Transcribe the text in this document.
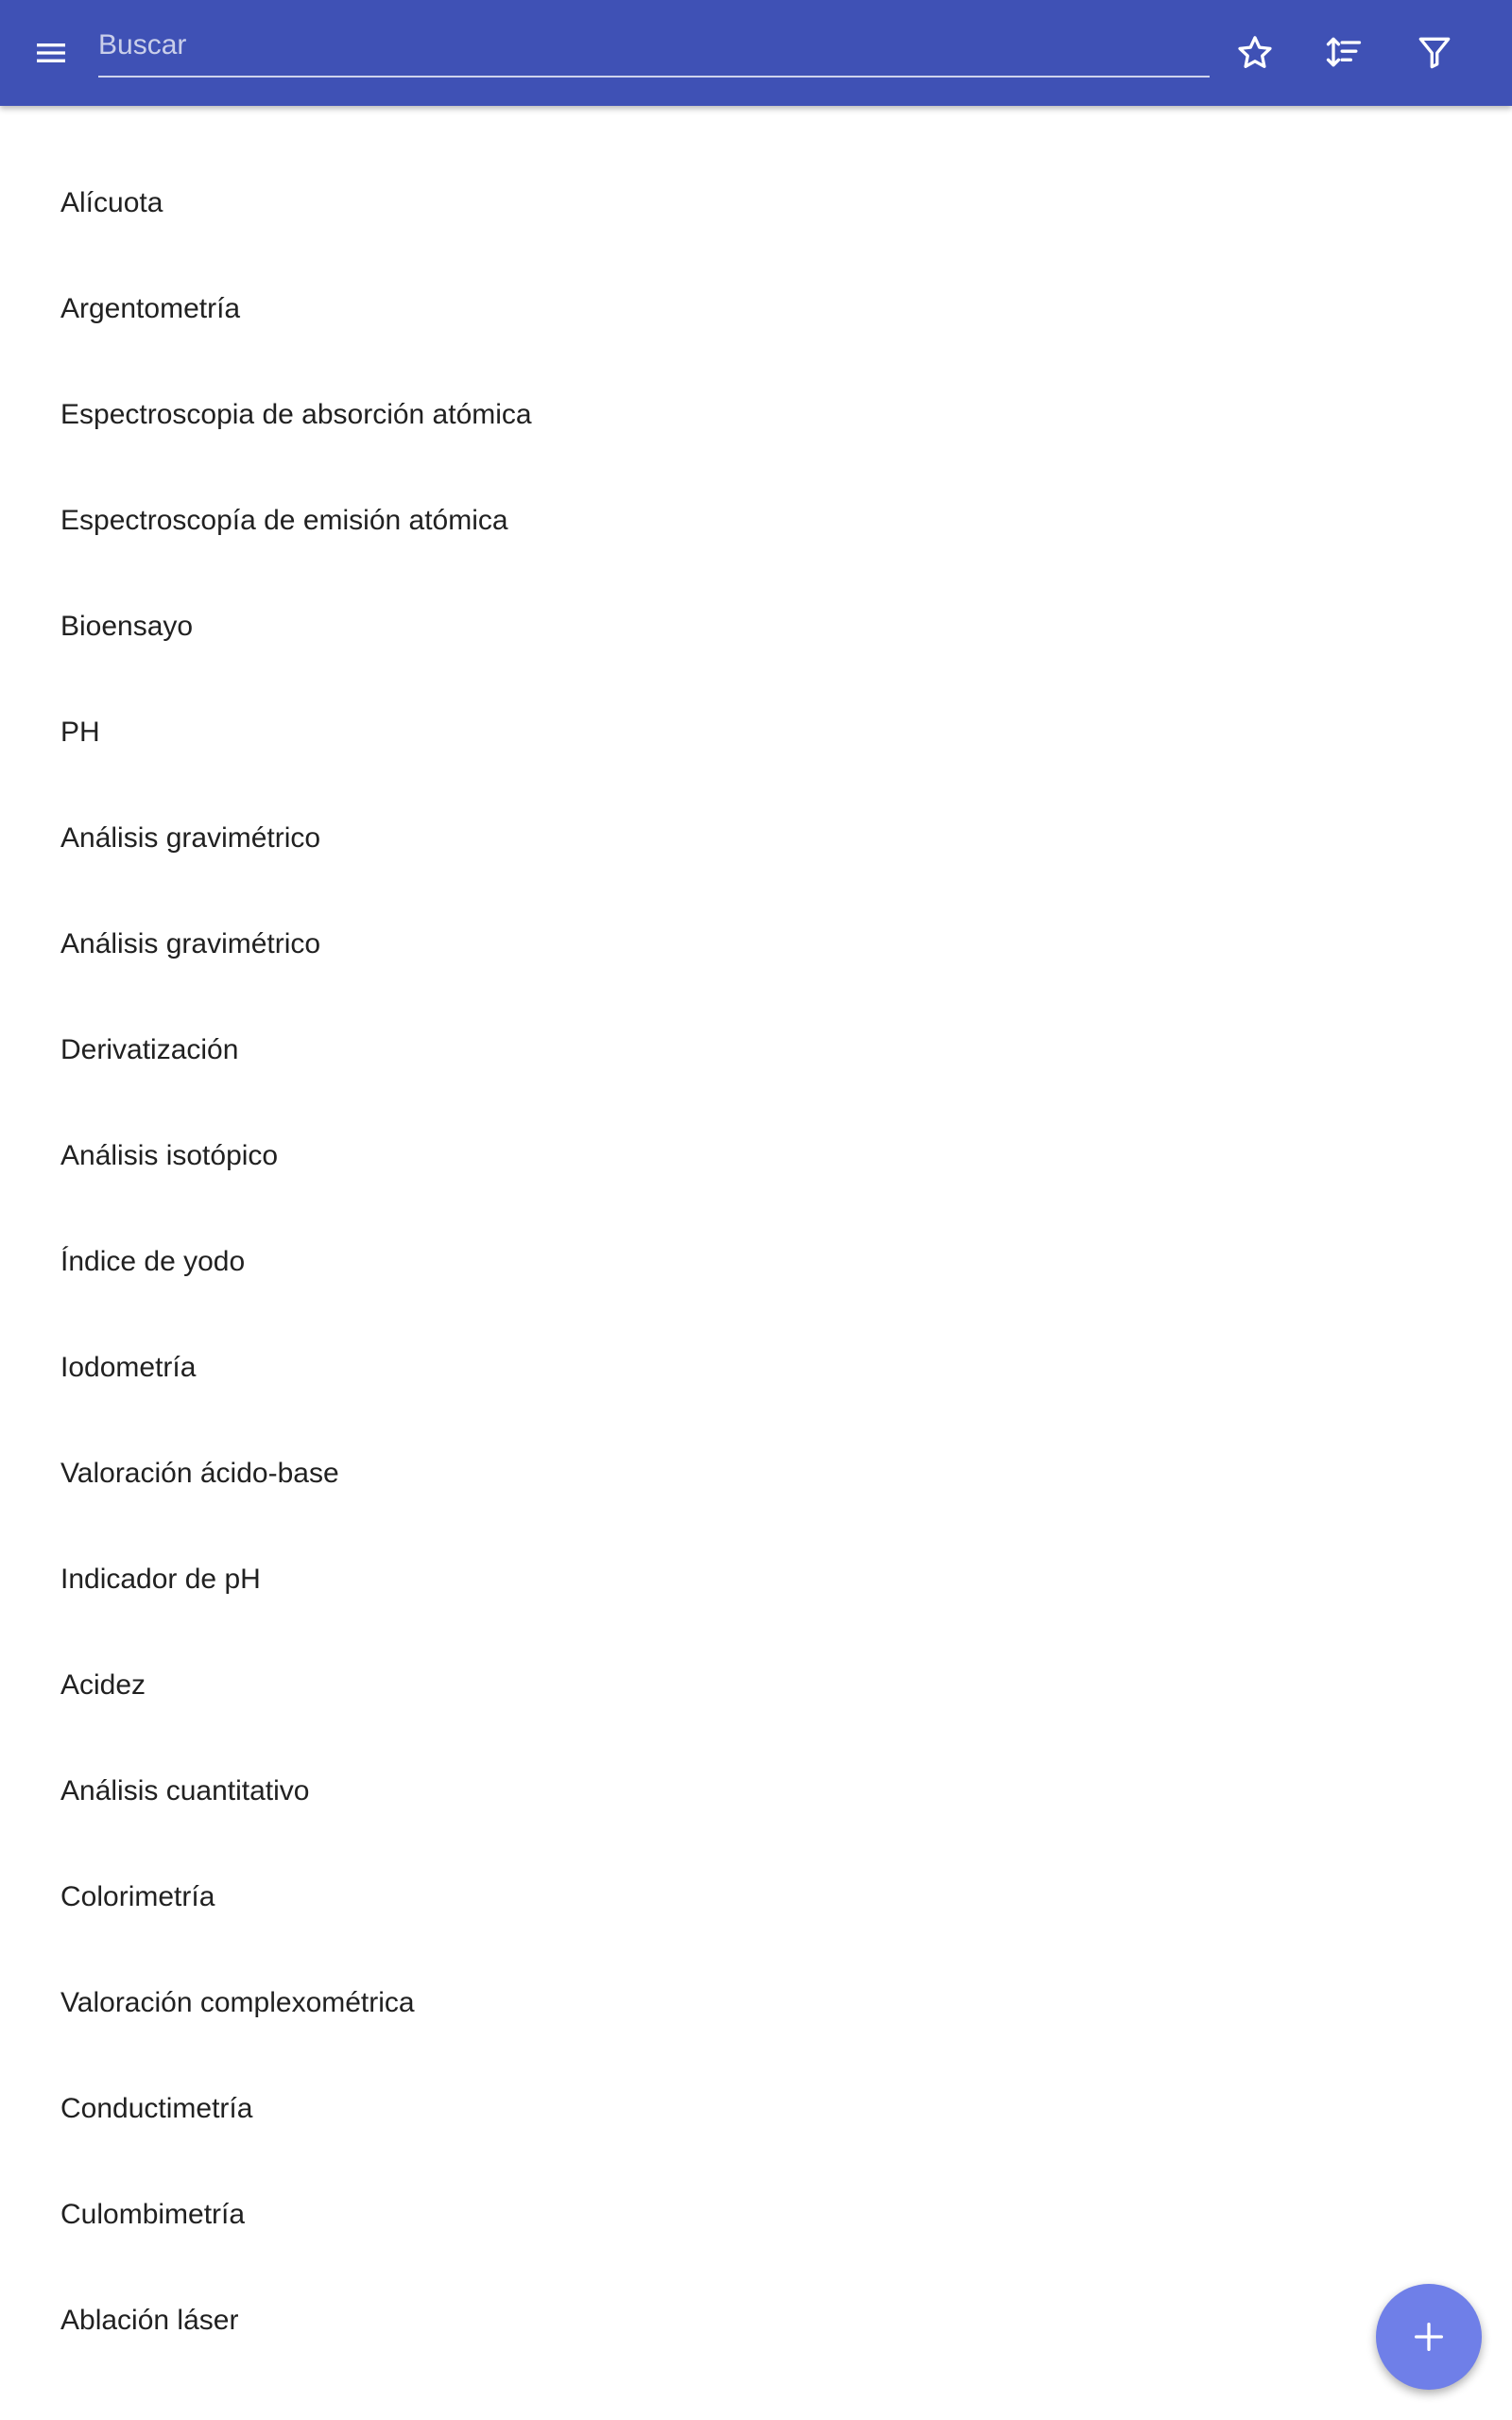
Buscar
Alícuota
Argentometría
Espectroscopia de absorción atómica
Espectroscopía de emisión atómica
Bioensayo
PH
Análisis gravimétrico
Análisis gravimétrico
Derivatización
Análisis isotópico
Índice de yodo
Iodometría
Valoración ácido-base
Indicador de pH
Acidez
Análisis cuantitativo
Colorimetría
Valoración complexométrica
Conductimetría
Culombimetría
Ablación láser
